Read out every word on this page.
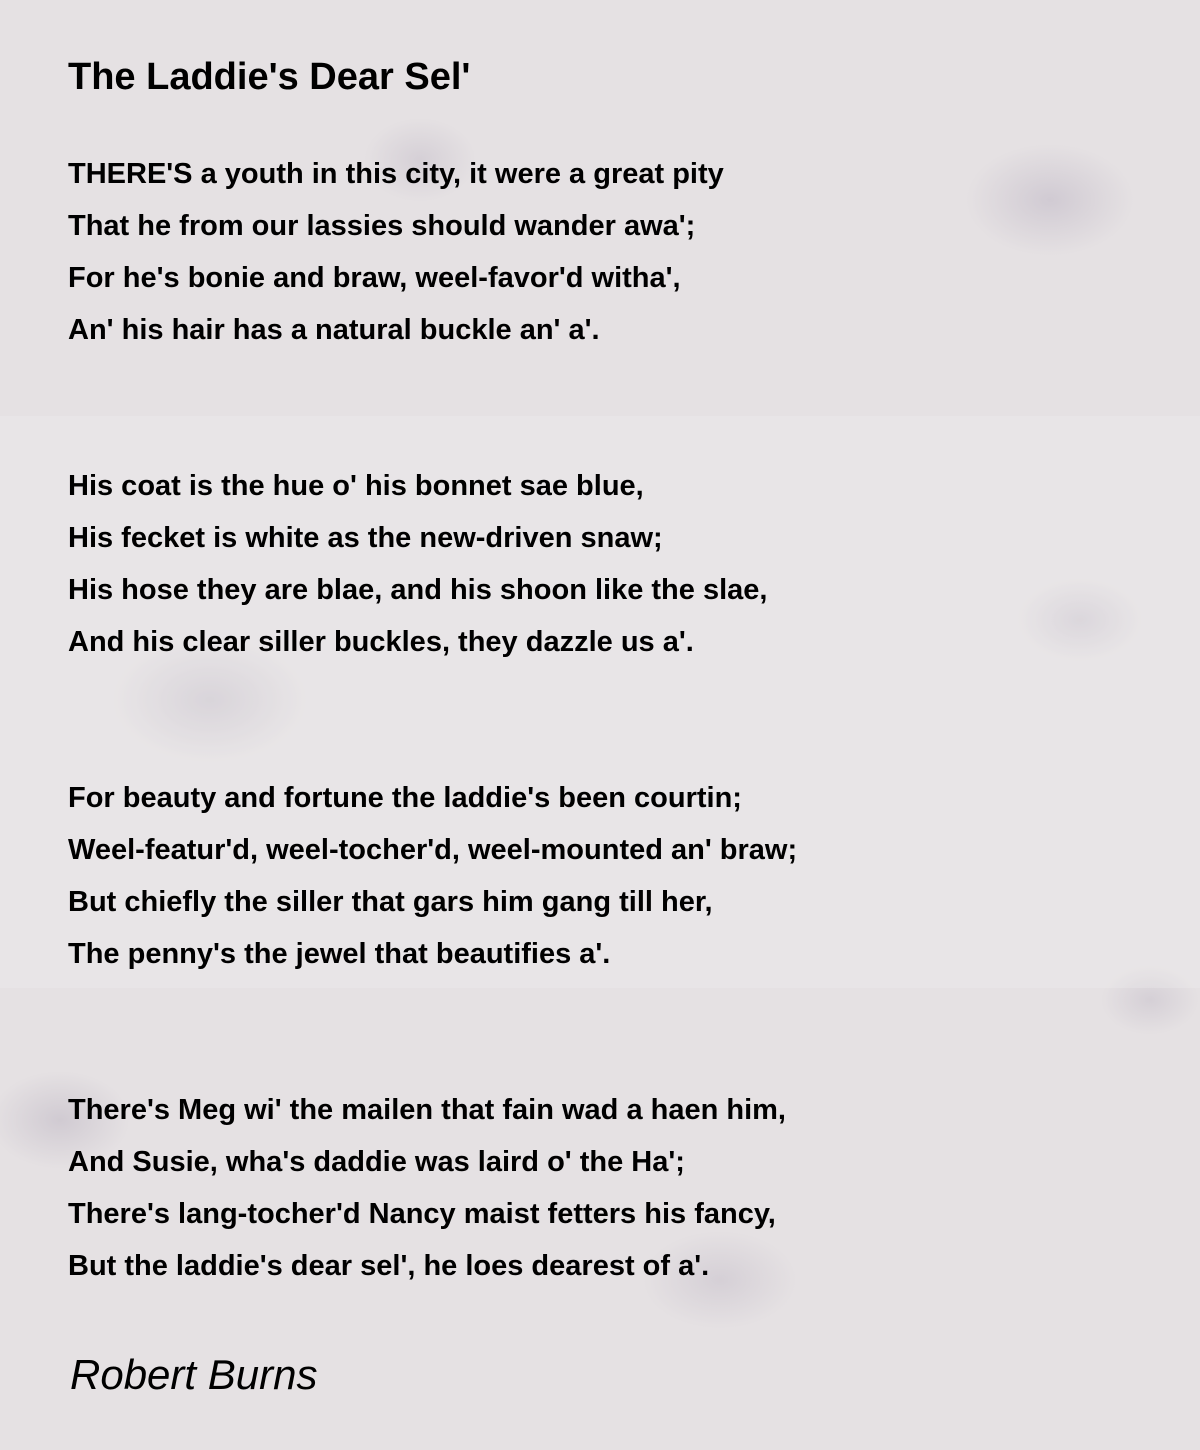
The Laddie's Dear Sel'
THERE'S a youth in this city, it were a great pity
That he from our lassies should wander awa';
For he's bonie and braw, weel-favor'd witha',
An' his hair has a natural buckle an' a'.
His coat is the hue o' his bonnet sae blue,
His fecket is white as the new-driven snaw;
His hose they are blae, and his shoon like the slae,
And his clear siller buckles, they dazzle us a'.
For beauty and fortune the laddie's been courtin;
Weel-featur'd, weel-tocher'd, weel-mounted an' braw;
But chiefly the siller that gars him gang till her,
The penny's the jewel that beautifies a'.
There's Meg wi' the mailen that fain wad a haen him,
And Susie, wha's daddie was laird o' the Ha';
There's lang-tocher'd Nancy maist fetters his fancy,
But the laddie's dear sel', he loes dearest of a'.
Robert Burns
